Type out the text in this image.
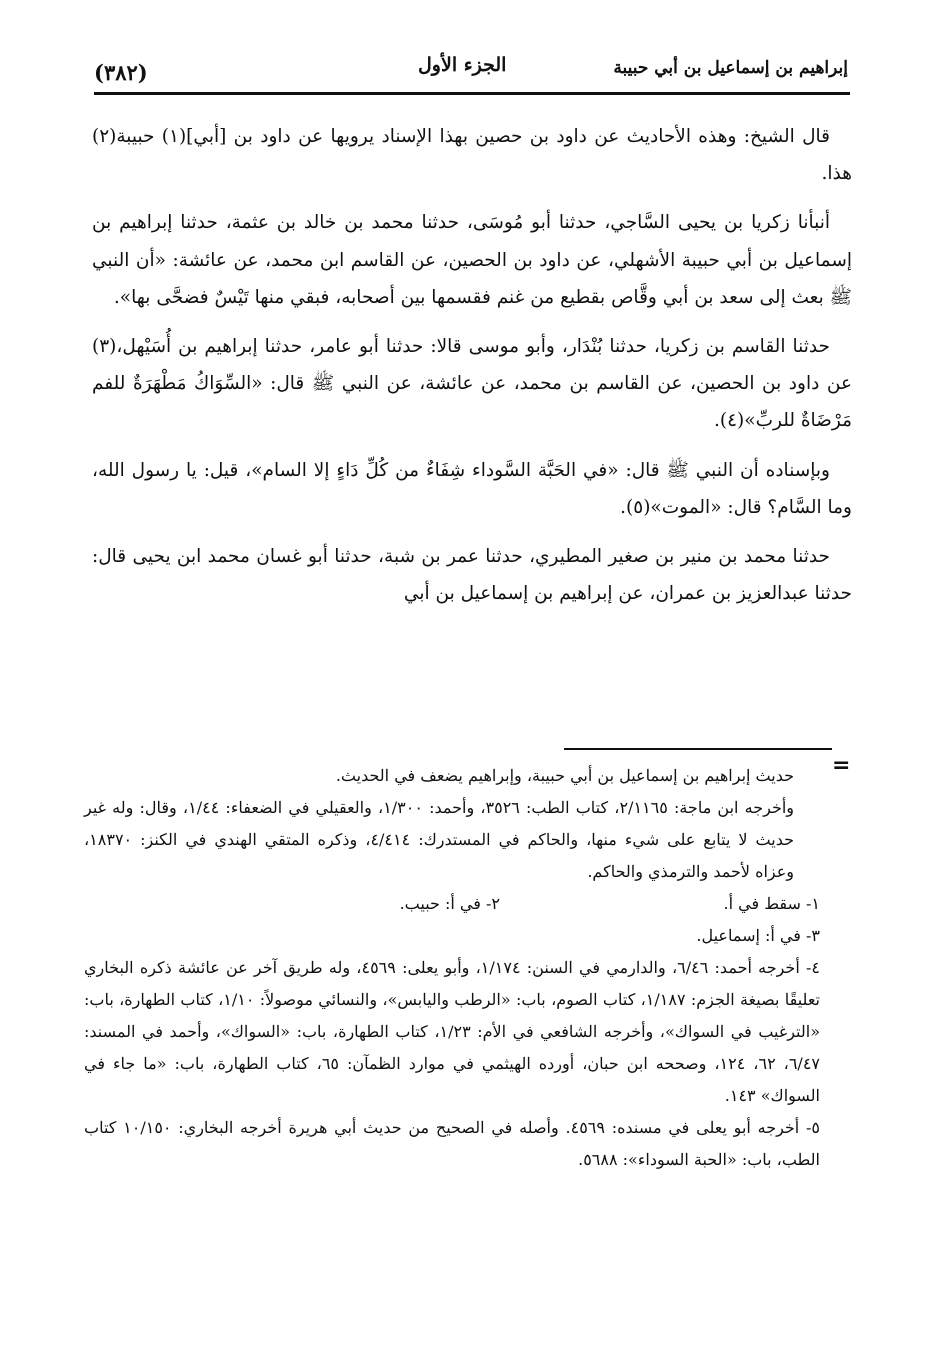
(٣٨٢)	الجزء الأول	إبراهيم بن إسماعيل بن أبي حبيبة

قال الشيخ: وهذه الأحاديث عن داود بن حصين بهذا الإسناد يرويها عن داود بن [أبي](١) حبيبة(٢) هذا.

أنبأنا زكريا بن يحيى السَّاجي، حدثنا أبو مُوسَى، حدثنا محمد بن خالد بن عثمة، حدثنا إبراهيم بن إسماعيل بن أبي حبيبة الأشهلي، عن داود بن الحصين، عن القاسم ابن محمد، عن عائشة: «أن النبي ﷺ بعث إلى سعد بن أبي وقَّاص بقطيع من غنم فقسمها بين أصحابه، فبقي منها تَيْسٌ فضحَّى بها».

حدثنا القاسم بن زكريا، حدثنا بُنْدَار، وأبو موسى قالا: حدثنا أبو عامر، حدثنا إبراهيم بن أُسَيْهل،(٣) عن داود بن الحصين، عن القاسم بن محمد، عن عائشة، عن النبي ﷺ قال: «السِّوَاكُ مَطْهَرَةٌ للفم مَرْضَاةٌ للربِّ»(٤).

وبإسناده أن النبي ﷺ قال: «في الحَبَّة السَّوداء شِفَاءٌ من كُلِّ دَاءٍ إلا السام»، قيل: يا رسول الله، وما السَّام؟ قال: «الموت»(٥).

حدثنا محمد بن منير بن صغير المطيري، حدثنا عمر بن شبة، حدثنا أبو غسان محمد ابن يحيى قال: حدثنا عبدالعزيز بن عمران، عن إبراهيم بن إسماعيل بن أبي

=

حديث إبراهيم بن إسماعيل بن أبي حبيبة، وإبراهيم يضعف في الحديث.

وأخرجه ابن ماجة: ٢/١١٦٥، كتاب الطب: ٣٥٢٦، وأحمد: ١/٣٠٠، والعقيلي في الضعفاء: ١/٤٤، وقال: وله غير حديث لا يتابع على شيء منها، والحاكم في المستدرك: ٤/٤١٤، وذكره المتقي الهندي في الكنز: ١٨٣٧٠، وعزاه لأحمد والترمذي والحاكم.

١- سقط في أ.
٢- في أ: حبيب.

٣- في أ: إسماعيل.

٤- أخرجه أحمد: ٦/٤٦، والدارمي في السنن: ١/١٧٤، وأبو يعلى: ٤٥٦٩، وله طريق آخر عن عائشة ذكره البخاري تعليقًا بصيغة الجزم: ١/١٨٧، كتاب الصوم، باب: «الرطب واليابس»، والنسائي موصولاً: ١/١٠، كتاب الطهارة، باب: «الترغيب في السواك»، وأخرجه الشافعي في الأم: ١/٢٣، كتاب الطهارة، باب: «السواك»، وأحمد في المسند: ٦/٤٧، ٦٢، ١٢٤، وصححه ابن حبان، أورده الهيثمي في موارد الظمآن: ٦٥، كتاب الطهارة، باب: «ما جاء في السواك» ١٤٣.

٥- أخرجه أبو يعلى في مسنده: ٤٥٦٩. وأصله في الصحيح من حديث أبي هريرة أخرجه البخاري: ١٠/١٥٠ كتاب الطب، باب: «الحبة السوداء»: ٥٦٨٨.
